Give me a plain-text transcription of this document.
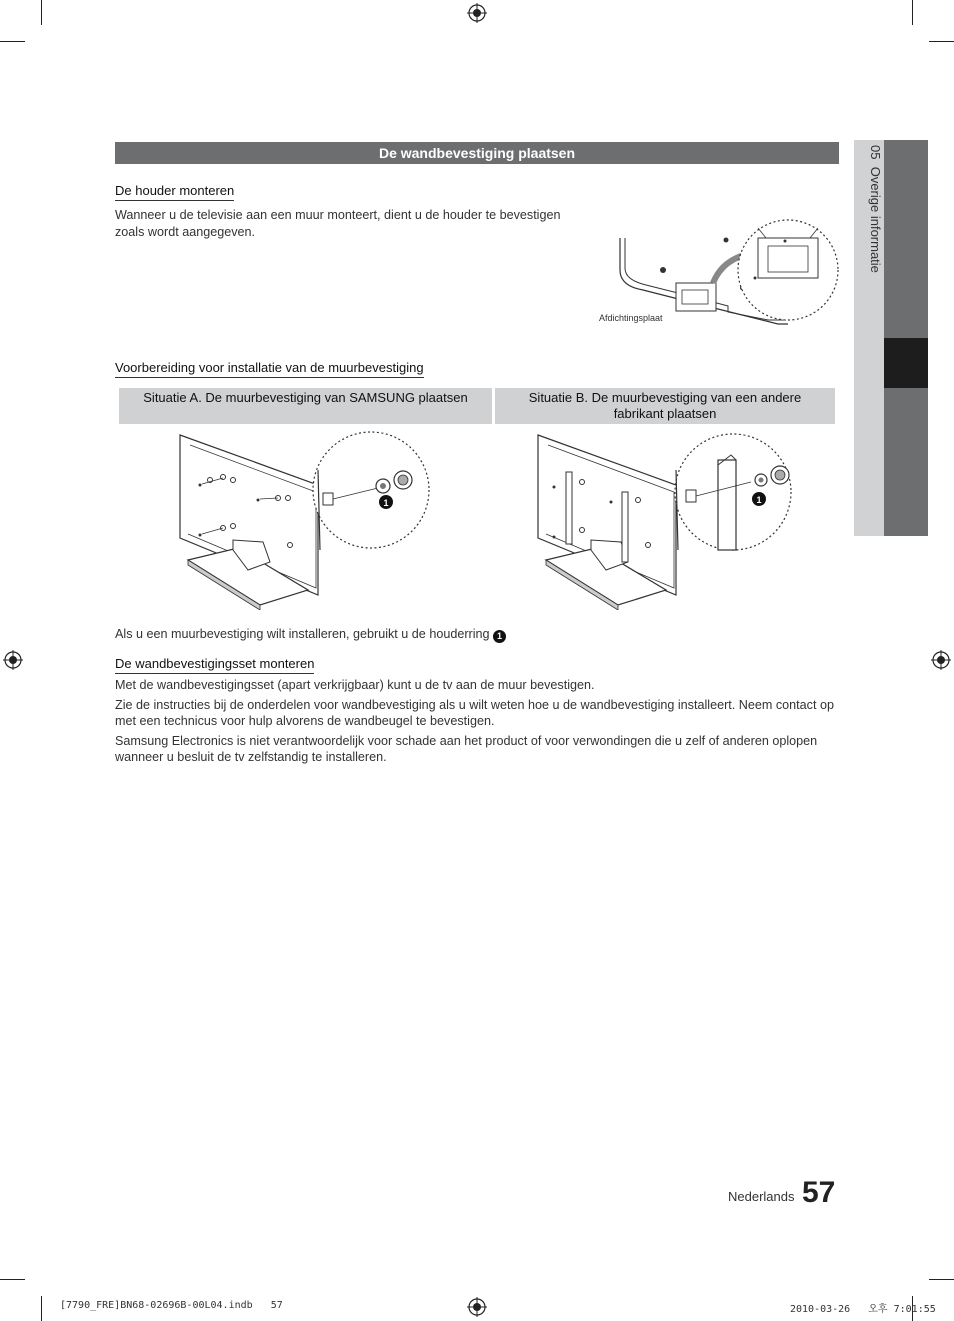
05  Overige informatie
De wandbevestiging plaatsen
De houder monteren
Wanneer u de televisie aan een muur monteert, dient u de houder te bevestigen zoals wordt aangegeven.
Afdichtingsplaat
Voorbereiding voor installatie van de muurbevestiging
Situatie A. De muurbevestiging van SAMSUNG plaatsen	Situatie B. De muurbevestiging van een andere fabrikant plaatsen
1	1
Als u een muurbevestiging wilt installeren, gebruikt u de houderring 1
De wandbevestigingsset monteren

Met de wandbevestigingsset (apart verkrijgbaar) kunt u de tv aan de muur bevestigen.

Zie de instructies bij de onderdelen voor wandbevestiging als u wilt weten hoe u de wandbevestiging installeert. Neem contact op met een technicus voor hulp alvorens de wandbeugel te bevestigen.

Samsung Electronics is niet verantwoordelijk voor schade aan het product of voor verwondingen die u zelf of anderen oplopen wanneer u besluit de tv zelfstandig te installeren.

Nederlands 57
[7790_FRE]BN68-02696B-00L04.indb   57	2010-03-26   오후 7:01:55
